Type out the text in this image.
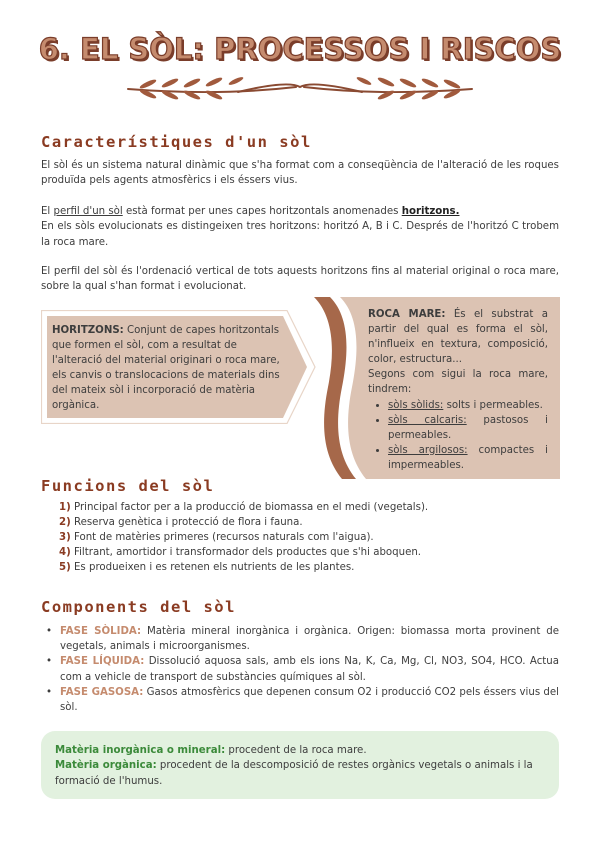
6. EL SÒL: PROCESSOS I RISCOS
Característiques d'un sòl

El sòl és un sistema natural dinàmic que s'ha format com a conseqüència de l'alteració de les roques produïda pels agents atmosfèrics i els éssers vius.

El perfil d'un sòl està format per unes capes horitzontals anomenades horitzons.
En els sòls evolucionats es distingeixen tres horitzons: horitzó A, B i C. Després de l'horitzó C trobem la roca mare.

El perfil del sòl és l'ordenació vertical de tots aquests horitzons fins al material original o roca mare, sobre la qual s'han format i evolucionat.

HORITZONS: Conjunt de capes horitzontals que formen el sòl, com a resultat de l'alteració del material originari o roca mare, els canvis o translocacions de materials dins del mateix sòl i incorporació de matèria orgànica.
ROCA MARE: És el substrat a partir del qual es forma el sòl, n'influeix en textura, composició, color, estructura...
Segons com sigui la roca mare, tindrem:
• sòls sòlids: solts i permeables.
• sòls calcaris: pastosos i permeables.
• sòls argilosos: compactes i impermeables.
Funcions del sòl
1) Principal factor per a la producció de biomassa en el medi (vegetals).
2) Reserva genètica i protecció de flora i fauna.
3) Font de matèries primeres (recursos naturals com l'aigua).
4) Filtrant, amortidor i transformador dels productes que s'hi aboquen.
5) Es produeixen i es retenen els nutrients de les plantes.
Components del sòl
• FASE SÒLIDA: Matèria mineral inorgànica i orgànica. Origen: biomassa morta provinent de vegetals, animals i microorganismes.
• FASE LÍQUIDA: Dissolució aquosa sals, amb els ions Na, K, Ca, Mg, Cl, NO3, SO4, HCO. Actua com a vehicle de transport de substàncies químiques al sòl.
• FASE GASOSA: Gasos atmosfèrics que depenen consum O2 i producció CO2 pels éssers vius del sòl.
Matèria inorgànica o mineral: procedent de la roca mare.
Matèria orgànica: procedent de la descomposició de restes orgànics vegetals o animals i la formació de l'humus.
